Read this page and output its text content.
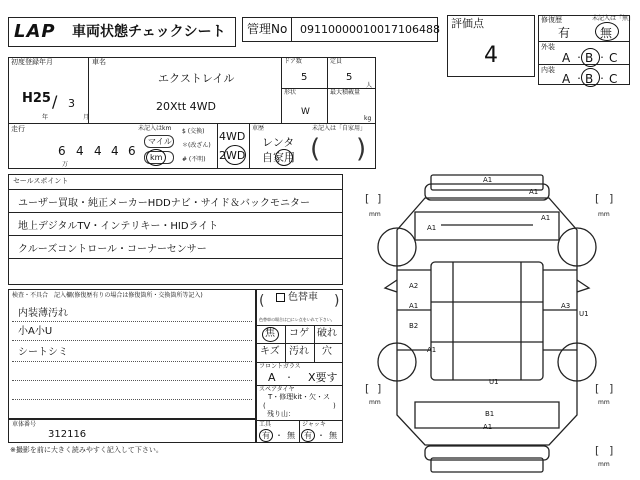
LAP 車両状態チェックシート 管理No 09110000010017106488 評価点
4
修復歴	未記入は「無」
有 無
外装
A B C
・ ・
内装
A B C
・ ・
初度登録年月
H25 / 3
年	月
車名
エクストレイル
20Xtt 4WD
ドア数
5
定員
5
人
形状
W
最大積載量
kg
走行
6 4 4 4 6
万
未記入はkm
マイル
km
$ (交換)
＊(改ざん)
# (不明)
4WD
2WD
車歴	未記入は「自家用」
レンタ
自家用 ( )
セールスポイント
ユーザー買取・純正メーカーHDDナビ・サイド＆バックモニター
地上デジタルTV・インテリキー・HIDライト
クルーズコントロール・コーナーセンサー
検査・不具合　記入欄(修復歴有りの場合は修復箇所・交換箇所等記入)
内装薄汚れ
小A小U
シートシミ
色替車
(	)
色替車の場合は□にレ点をいれて下さい。
焦 コゲ 破れ
キズ 汚れ 穴
フロントガラス
A ・ X要す
スペアタイヤ
T・修理kit・欠・ス
(	)
残り山：
工具
有 ・ 無
ジャッキ
有 ・ 無
車体番号
312116
※撮影を前に大きく読みやすく記入して下さい。
A1
A1
A1
A1
A2
A1
B2
A3
U1
A1
U1
B1
A1
mm	mm
mm	mm
mm
[ ]	[ ]
[ ]	[ ]
[ ]
